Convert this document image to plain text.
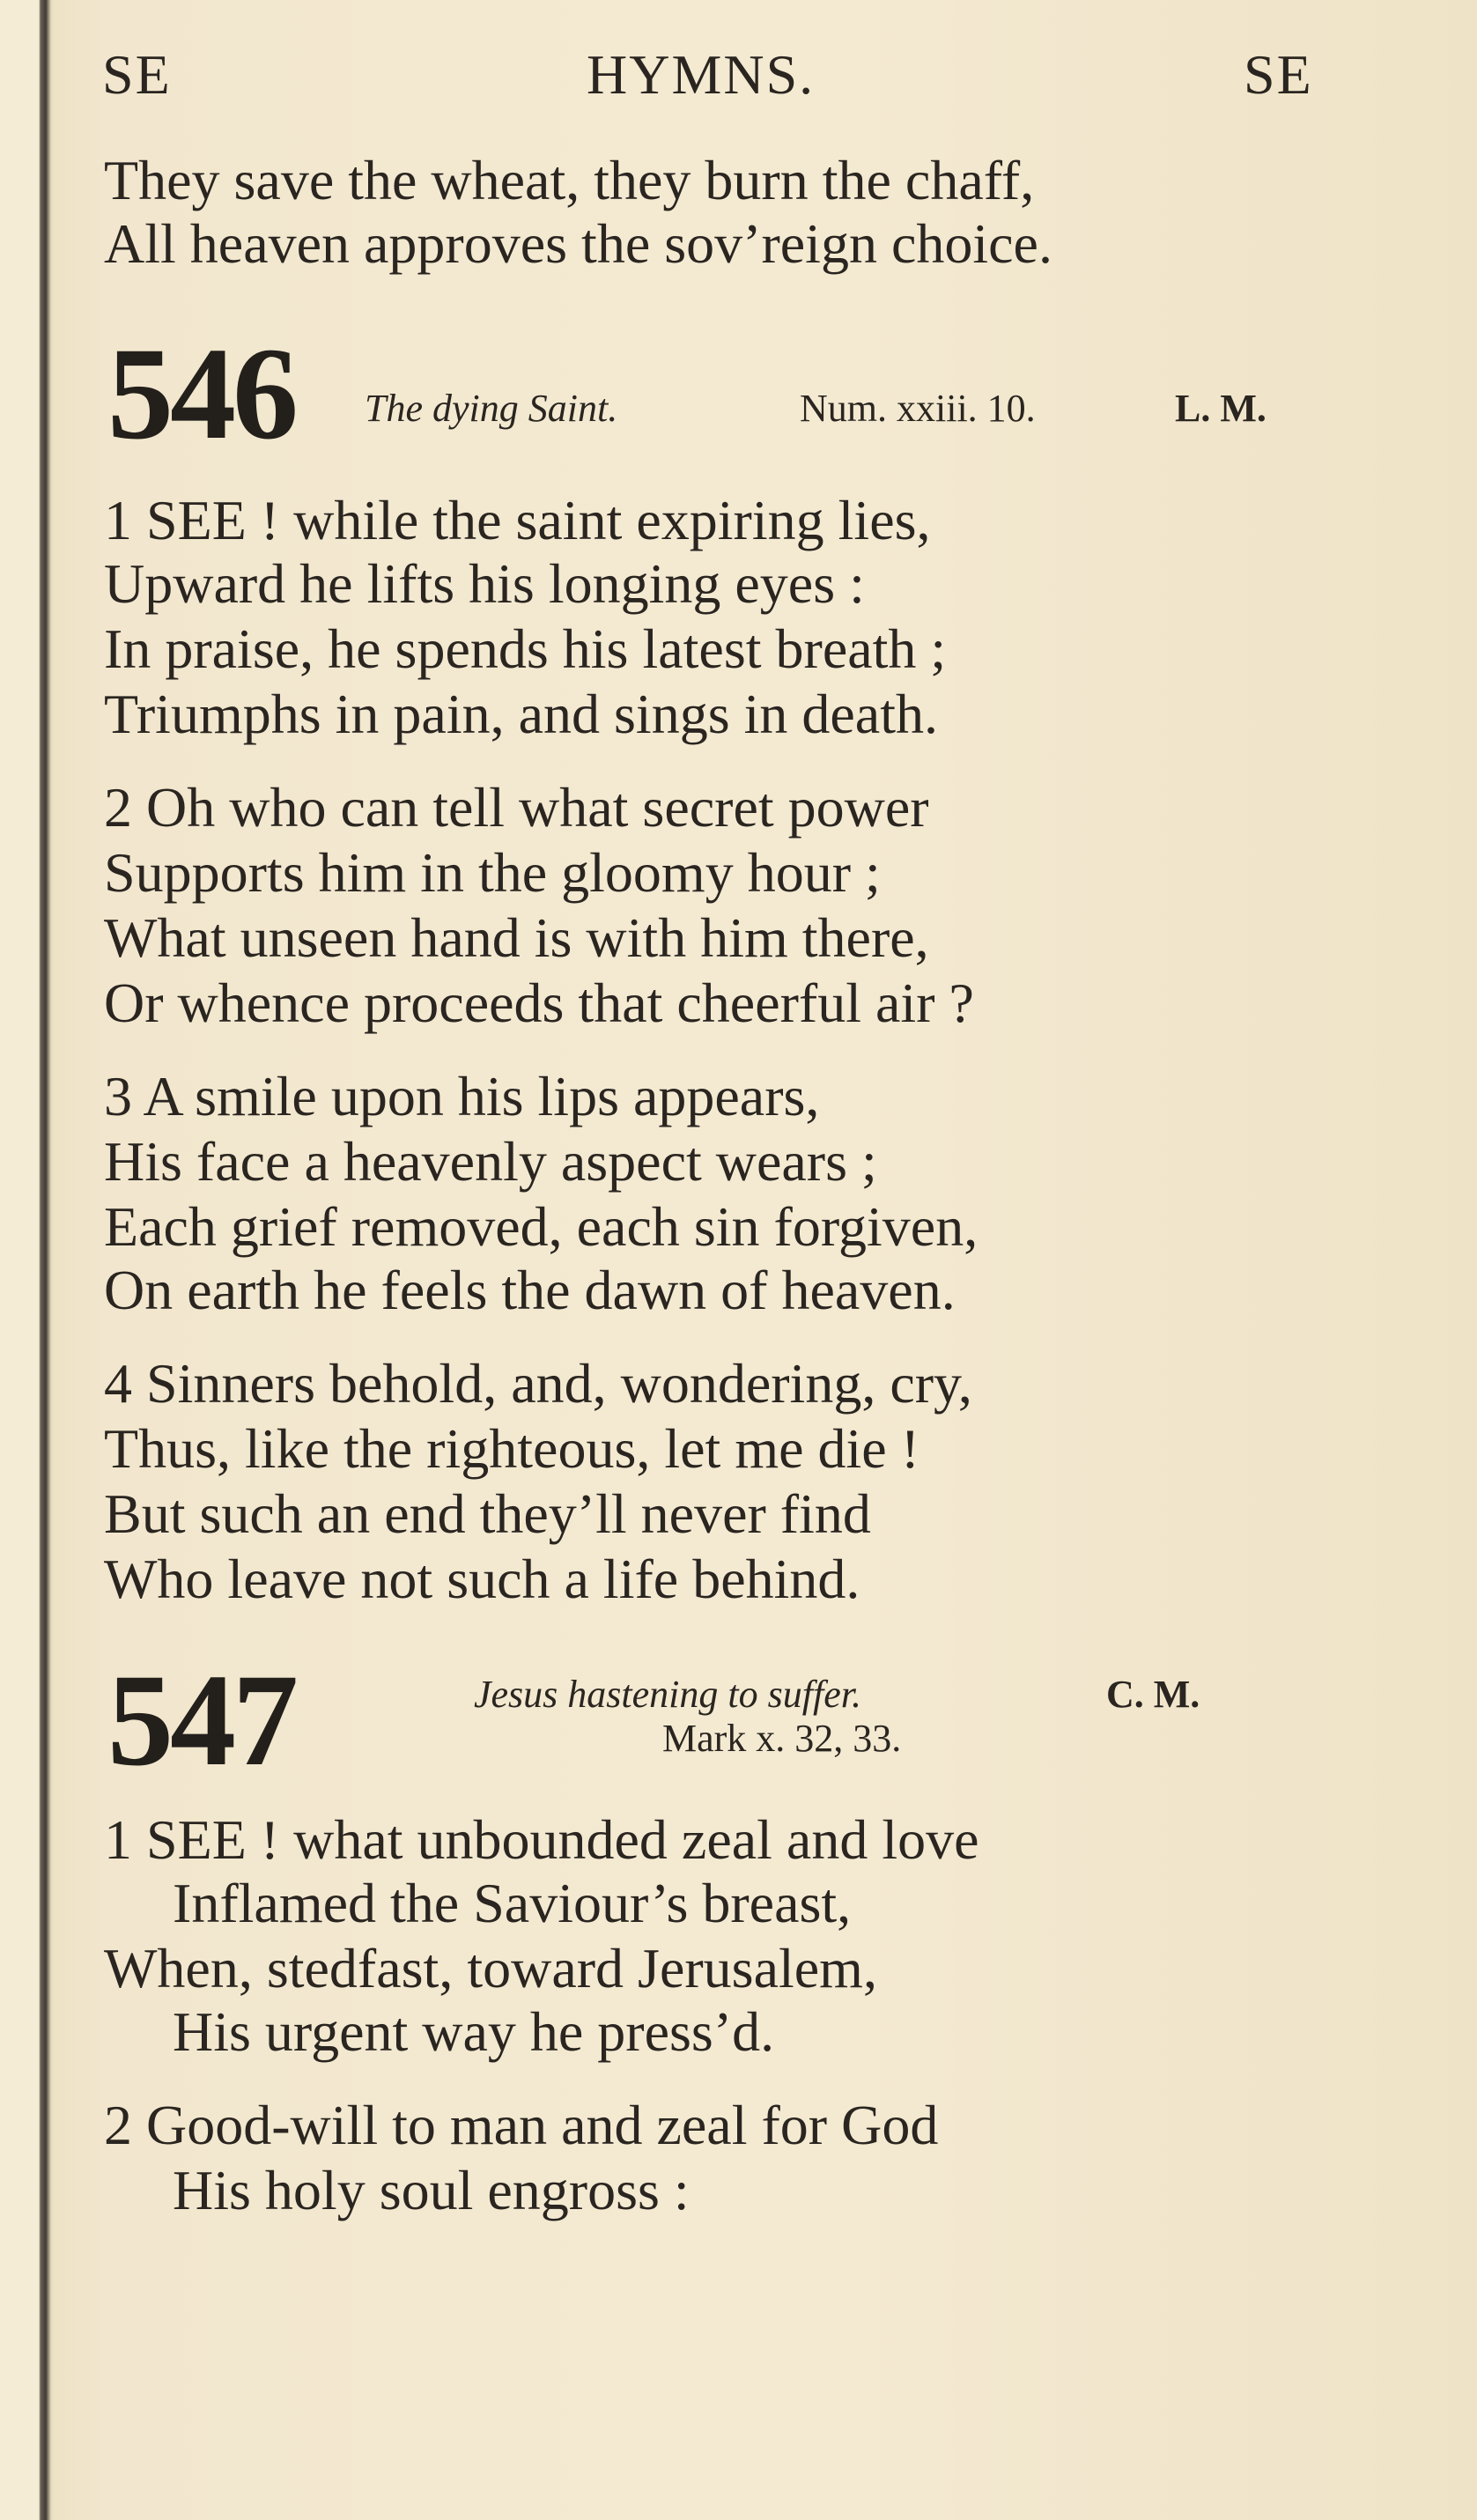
SE	HYMNS.	SE
They save the wheat, they burn the chaff,
All heaven approves the sov’reign choice.
546 The dying Saint.	Num. xxiii. 10.	L. M.
1 SEE ! while the saint expiring lies,
Upward he lifts his longing eyes :
In praise, he spends his latest breath ;
Triumphs in pain, and sings in death.
2 Oh who can tell what secret power
Supports him in the gloomy hour ;
What unseen hand is with him there,
Or whence proceeds that cheerful air ?
3 A smile upon his lips appears,
His face a heavenly aspect wears ;
Each grief removed, each sin forgiven,
On earth he feels the dawn of heaven.
4 Sinners behold, and, wondering, cry,
Thus, like the righteous, let me die !
But such an end they’ll never find
Who leave not such a life behind.
547	Jesus hastening to suffer.	C. M.
Mark x. 32, 33.
1 SEE ! what unbounded zeal and love
Inflamed the Saviour’s breast,
When, stedfast, toward Jerusalem,
His urgent way he press’d.
2 Good-will to man and zeal for God
His holy soul engross :
